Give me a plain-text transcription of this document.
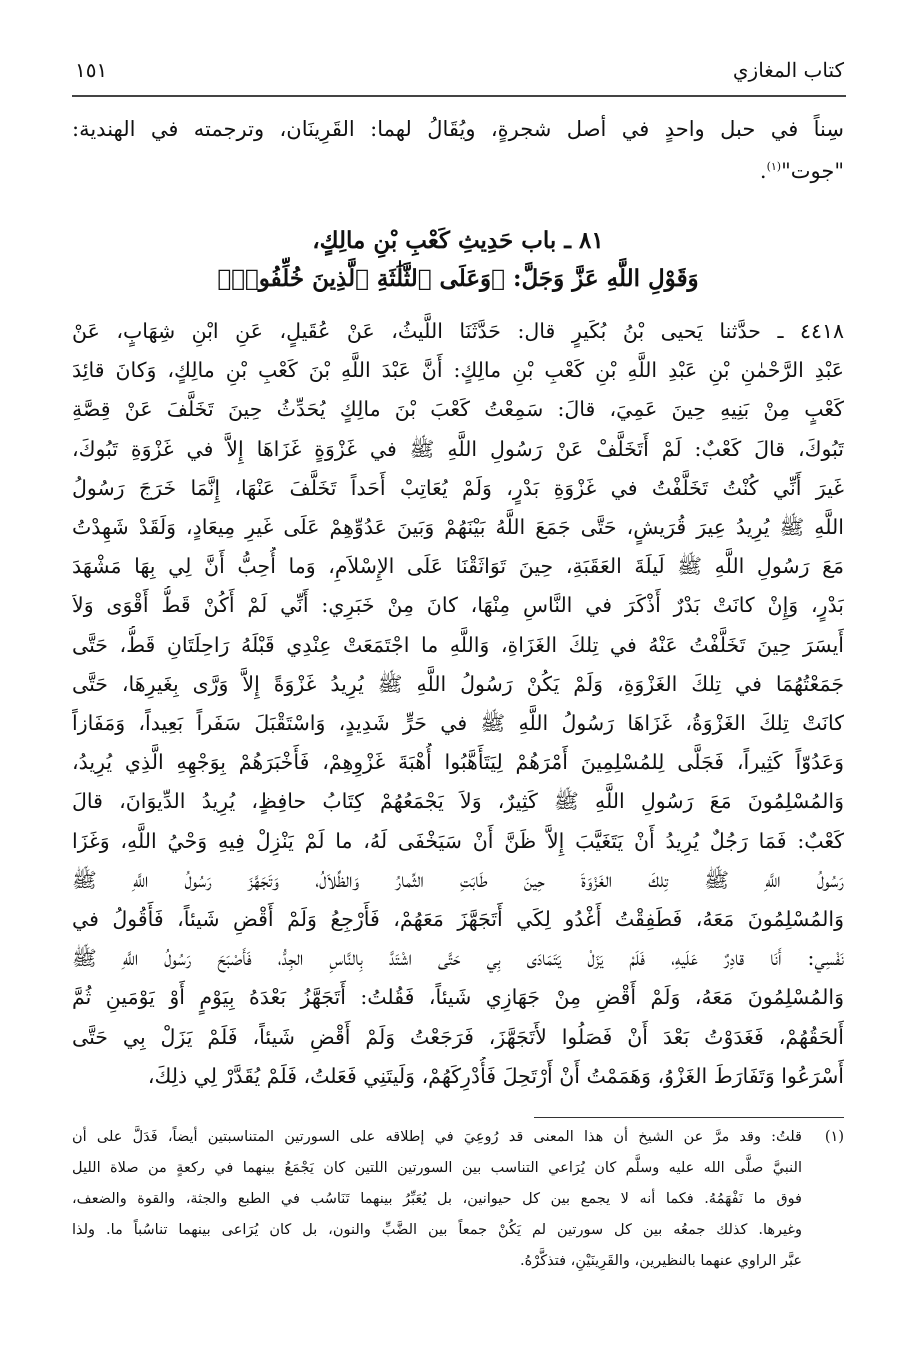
كتاب المغازي
١٥١
سِناً في حبل واحدٍ في أصل شجرةٍ، ويُقَالُ لهما: القَرِينَان، وترجمته في الهندية:
"جوت"$^{(١)}$.
٨١ ـ باب حَدِيثِ كَعْبِ بْنِ مالِكٍ،
وَقَوْلِ اللَّهِ عَزَّ وَجَلَّ: ﴿وَعَلَى ٱلثَّلَٰثَةِ ٱلَّذِينَ خُلِّفُوا۟﴾
٤٤١٨ ـ حدَّثنا يَحيى بْنُ بُكَيرٍ قال: حَدَّثَنَا اللَّيثُ، عَنْ عُقَيلٍ، عَنِ ابْنِ شِهَابٍ، عَنْ
عَبْدِ الرَّحْمٰنِ بْنِ عَبْدِ اللَّهِ بْنِ كَعْبِ بْنِ مالِكٍ: أَنَّ عَبْدَ اللَّهِ بْنَ كَعْبِ بْنِ مالِكٍ، وَكانَ قائِدَ
كَعْبٍ مِنْ بَنِيهِ حِينَ عَمِيَ، قالَ: سَمِعْتُ كَعْبَ بْنَ مالِكٍ يُحَدِّثُ حِينَ تَخَلَّفَ عَنْ قِصَّةِ
تَبُوكَ، قالَ كَعْبٌ: لَمْ أَتَخَلَّفْ عَنْ رَسُولِ اللَّهِ ﷺ في غَزْوَةٍ غَزَاهَا إِلاَّ في غَزْوَةِ تَبُوكَ،
غَيرَ أَنِّي كُنْتُ تَخَلَّفْتُ في غَزْوَةِ بَدْرٍ، وَلَمْ يُعَاتِبْ أَحَداً تَخَلَّفَ عَنْهَا، إِنَّمَا خَرَجَ رَسُولُ
اللَّهِ ﷺ يُرِيدُ عِيرَ قُرَيشٍ، حَتَّى جَمَعَ اللَّهُ بَيْنَهُمْ وَبَينَ عَدُوِّهِمْ عَلَى غَيرِ مِيعَادٍ، وَلَقَدْ شَهِدْتُ
مَعَ رَسُولِ اللَّهِ ﷺ لَيلَةَ العَقَبَةِ، حِينَ تَوَاثَقْنَا عَلَى الإِسْلاَمِ، وَما أُحِبُّ أَنَّ لِي بِهَا مَشْهَدَ
بَدْرٍ، وَإِنْ كانَتْ بَدْرٌ أَذْكَرَ في النَّاسِ مِنْهَا، كانَ مِنْ خَبَرِي: أَنِّي لَمْ أَكُنْ قَطُّ أَقْوَى وَلاَ
أَيسَرَ حِينَ تَخَلَّفْتُ عَنْهُ في تِلكَ الغَزَاةِ، وَاللَّهِ ما اجْتَمَعَتْ عِنْدِي قَبْلَهُ رَاحِلَتَانِ قَطُّ، حَتَّى
جَمَعْتُهُمَا في تِلكَ الغَزْوَةِ، وَلَمْ يَكُنْ رَسُولُ اللَّهِ ﷺ يُرِيدُ غَزْوَةً إِلاَّ وَرَّى بِغَيرِهَا، حَتَّى
كانَتْ تِلكَ الغَزْوَةُ، غَزَاهَا رَسُولُ اللَّهِ ﷺ في حَرٍّ شَدِيدٍ، وَاسْتَقْبَلَ سَفَراً بَعِيداً، وَمَفَازاً
وَعَدُوّاً كَثِيراً، فَجَلَّى لِلمُسْلِمِينَ أَمْرَهُمْ لِيَتَأَهَّبُوا أُهْبَةَ غَزْوِهِمْ، فَأَخْبَرَهُمْ بِوَجْهِهِ الَّذِي يُرِيدُ،
وَالمُسْلِمُونَ مَعَ رَسُولِ اللَّهِ ﷺ كَثِيرٌ، وَلاَ يَجْمَعُهُمْ كِتَابُ حافِظٍ، يُرِيدُ الدِّيوَانَ، قالَ
كَعْبٌ: فَمَا رَجُلٌ يُرِيدُ أَنْ يَتَغَيَّبَ إِلاَّ ظَنَّ أَنْ سَيَخْفَى لَهُ، ما لَمْ يَنْزِلْ فِيهِ وَحْيُ اللَّهِ، وَغَزَا
رَسُولُ اللَّهِ ﷺ تِلكَ الغَزْوَةَ حِينَ طَابَتِ الثِّمارُ وَالظِّلاَلُ، وَتَجَهَّزَ رَسُولُ اللَّهِ ﷺ
وَالمُسْلِمُونَ مَعَهُ، فَطَفِقْتُ أَغْدُو لِكَي أَتَجَهَّزَ مَعَهُمْ، فَأَرْجِعُ وَلَمْ أَقْضِ شَيئاً، فَأَقُولُ في
نَفْسِي: أَنَا قادِرٌ عَلَيهِ، فَلَمْ يَزَلْ يَتَمَادَى بِي حَتَّى اشْتَدَّ بِالنَّاسِ الجِدُّ، فَأَصْبَحَ رَسُولُ اللَّهِ ﷺ
وَالمُسْلِمُونَ مَعَهُ، وَلَمْ أَقْضِ مِنْ جَهَازِي شَيئاً، فَقُلتُ: أَتَجَهَّزُ بَعْدَهُ بِيَوْمٍ أَوْ يَوْمَينِ ثُمَّ
أَلحَقُهُمْ، فَغَدَوْتُ بَعْدَ أَنْ فَصَلُوا لأَتَجَهَّزَ، فَرَجَعْتُ وَلَمْ أَقْضِ شَيئاً، فَلَمْ يَزَلْ بِي حَتَّى
أَسْرَعُوا وَتَفَارَطَ الغَزْوُ، وَهَمَمْتُ أَنْ أَرْتَحِلَ فَأُدْرِكَهُمْ، وَلَيتَنِي فَعَلتُ، فَلَمْ يُقَدَّرْ لِي ذلِكَ،
(١)
قلتُ: وقد مرَّ عن الشيخ أن هذا المعنى قد رُوعِيَ في إطلاقه على السورتين المتناسبتين أيضاً، فَدَلَّ على أن
النبيَّ صلَّى الله عليه وسلَّم كان يُرَاعي التناسب بين السورتين اللتين كان يَجْمَعُ بينهما في ركعةٍ من صلاة الليل
فوق ما نَفْهَمُهُ. فكما أنه لا يجمع بين كل حيوانين، بل يُعَبِّرُ بينهما تَنَاسُب في الطبع والجثة، والقوة والضعف،
وغيرها. كذلك جمعُه بين كل سورتين لم يَكُنْ جمعاً بين الضَّبِّ والنون، بل كان يُرَاعى بينهما تناسُباً ما. ولذا
عبَّر الراوي عنهما بالنظيرين، والقَرِينَيْنِ، فتذكَّرْهُ.
